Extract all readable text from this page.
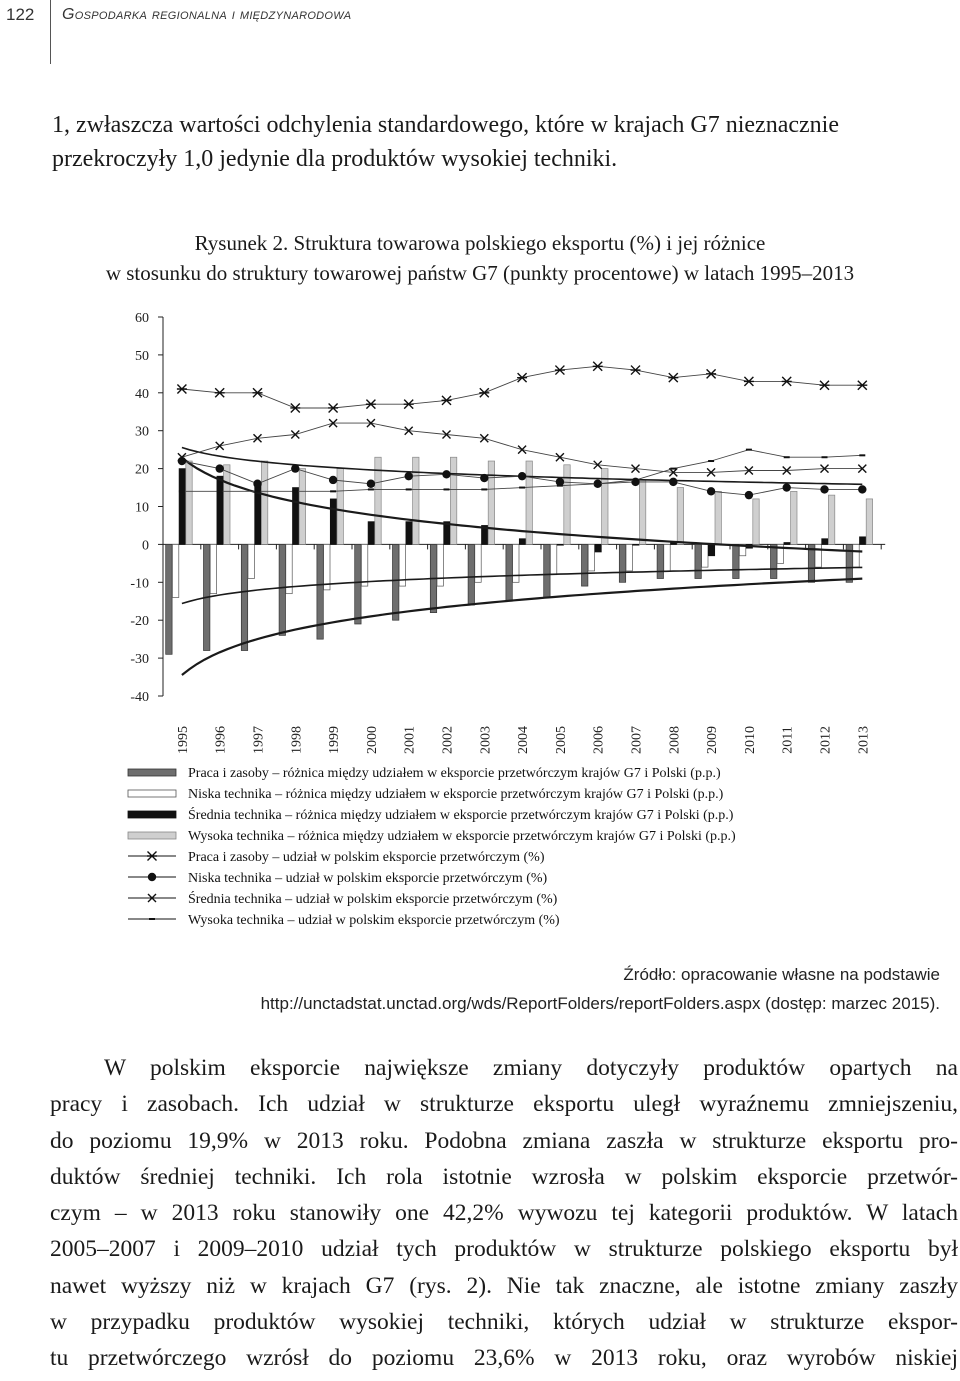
122 Gospodarka regionalna i międzynarodowa

1, zwłaszcza wartości odchylenia standardowego, które w krajach G7 nieznacznie

przekroczyły 1,0 jedynie dla produktów wysokiej techniki.

Rysunek 2. Struktura towarowa polskiego eksportu (%) i jej różnice
w stosunku do struktury towarowej państw G7 (punkty procentowe) w latach 1995–2013
60
50
40
30
20
10
0
-10
-20
-30
-40
1995 1996 1997 1998 1999 2000 2001 2002 2003 2004 2005 2006 2007 2008 2009 2010 2011 2012 2013
Praca i zasoby – różnica między udziałem w eksporcie przetwórczym krajów G7 i Polski (p.p.)
Niska technika – różnica między udziałem w eksporcie przetwórczym krajów G7 i Polski (p.p.)
Średnia technika – różnica między udziałem w eksporcie przetwórczym krajów G7 i Polski (p.p.)
Wysoka technika – różnica między udziałem w eksporcie przetwórczym krajów G7 i Polski (p.p.)
Praca i zasoby – udział w polskim eksporcie przetwórczym (%)
Niska technika – udział w polskim eksporcie przetwórczym (%)
Średnia technika – udział w polskim eksporcie przetwórczym (%)
Wysoka technika – udział w polskim eksporcie przetwórczym (%)
Źródło: opracowanie własne na podstawie
http://unctadstat.unctad.org/wds/ReportFolders/reportFolders.aspx (dostęp: marzec 2015).
W polskim eksporcie największe zmiany dotyczyły produktów opartych na
pracy i zasobach. Ich udział w strukturze eksportu uległ wyraźnemu zmniejszeniu,
do poziomu 19,9% w 2013 roku. Podobna zmiana zaszła w strukturze eksportu pro-
duktów średniej techniki. Ich rola istotnie wzrosła w polskim eksporcie przetwór-
czym – w 2013 roku stanowiły one 42,2% wywozu tej kategorii produktów. W latach
2005–2007 i 2009–2010 udział tych produktów w strukturze polskiego eksportu był
nawet wyższy niż w krajach G7 (rys. 2). Nie tak znaczne, ale istotne zmiany zaszły
w przypadku produktów wysokiej techniki, których udział w strukturze ekspor-
tu przetwórczego wzrósł do poziomu 23,6% w 2013 roku, oraz wyrobów niskiej
